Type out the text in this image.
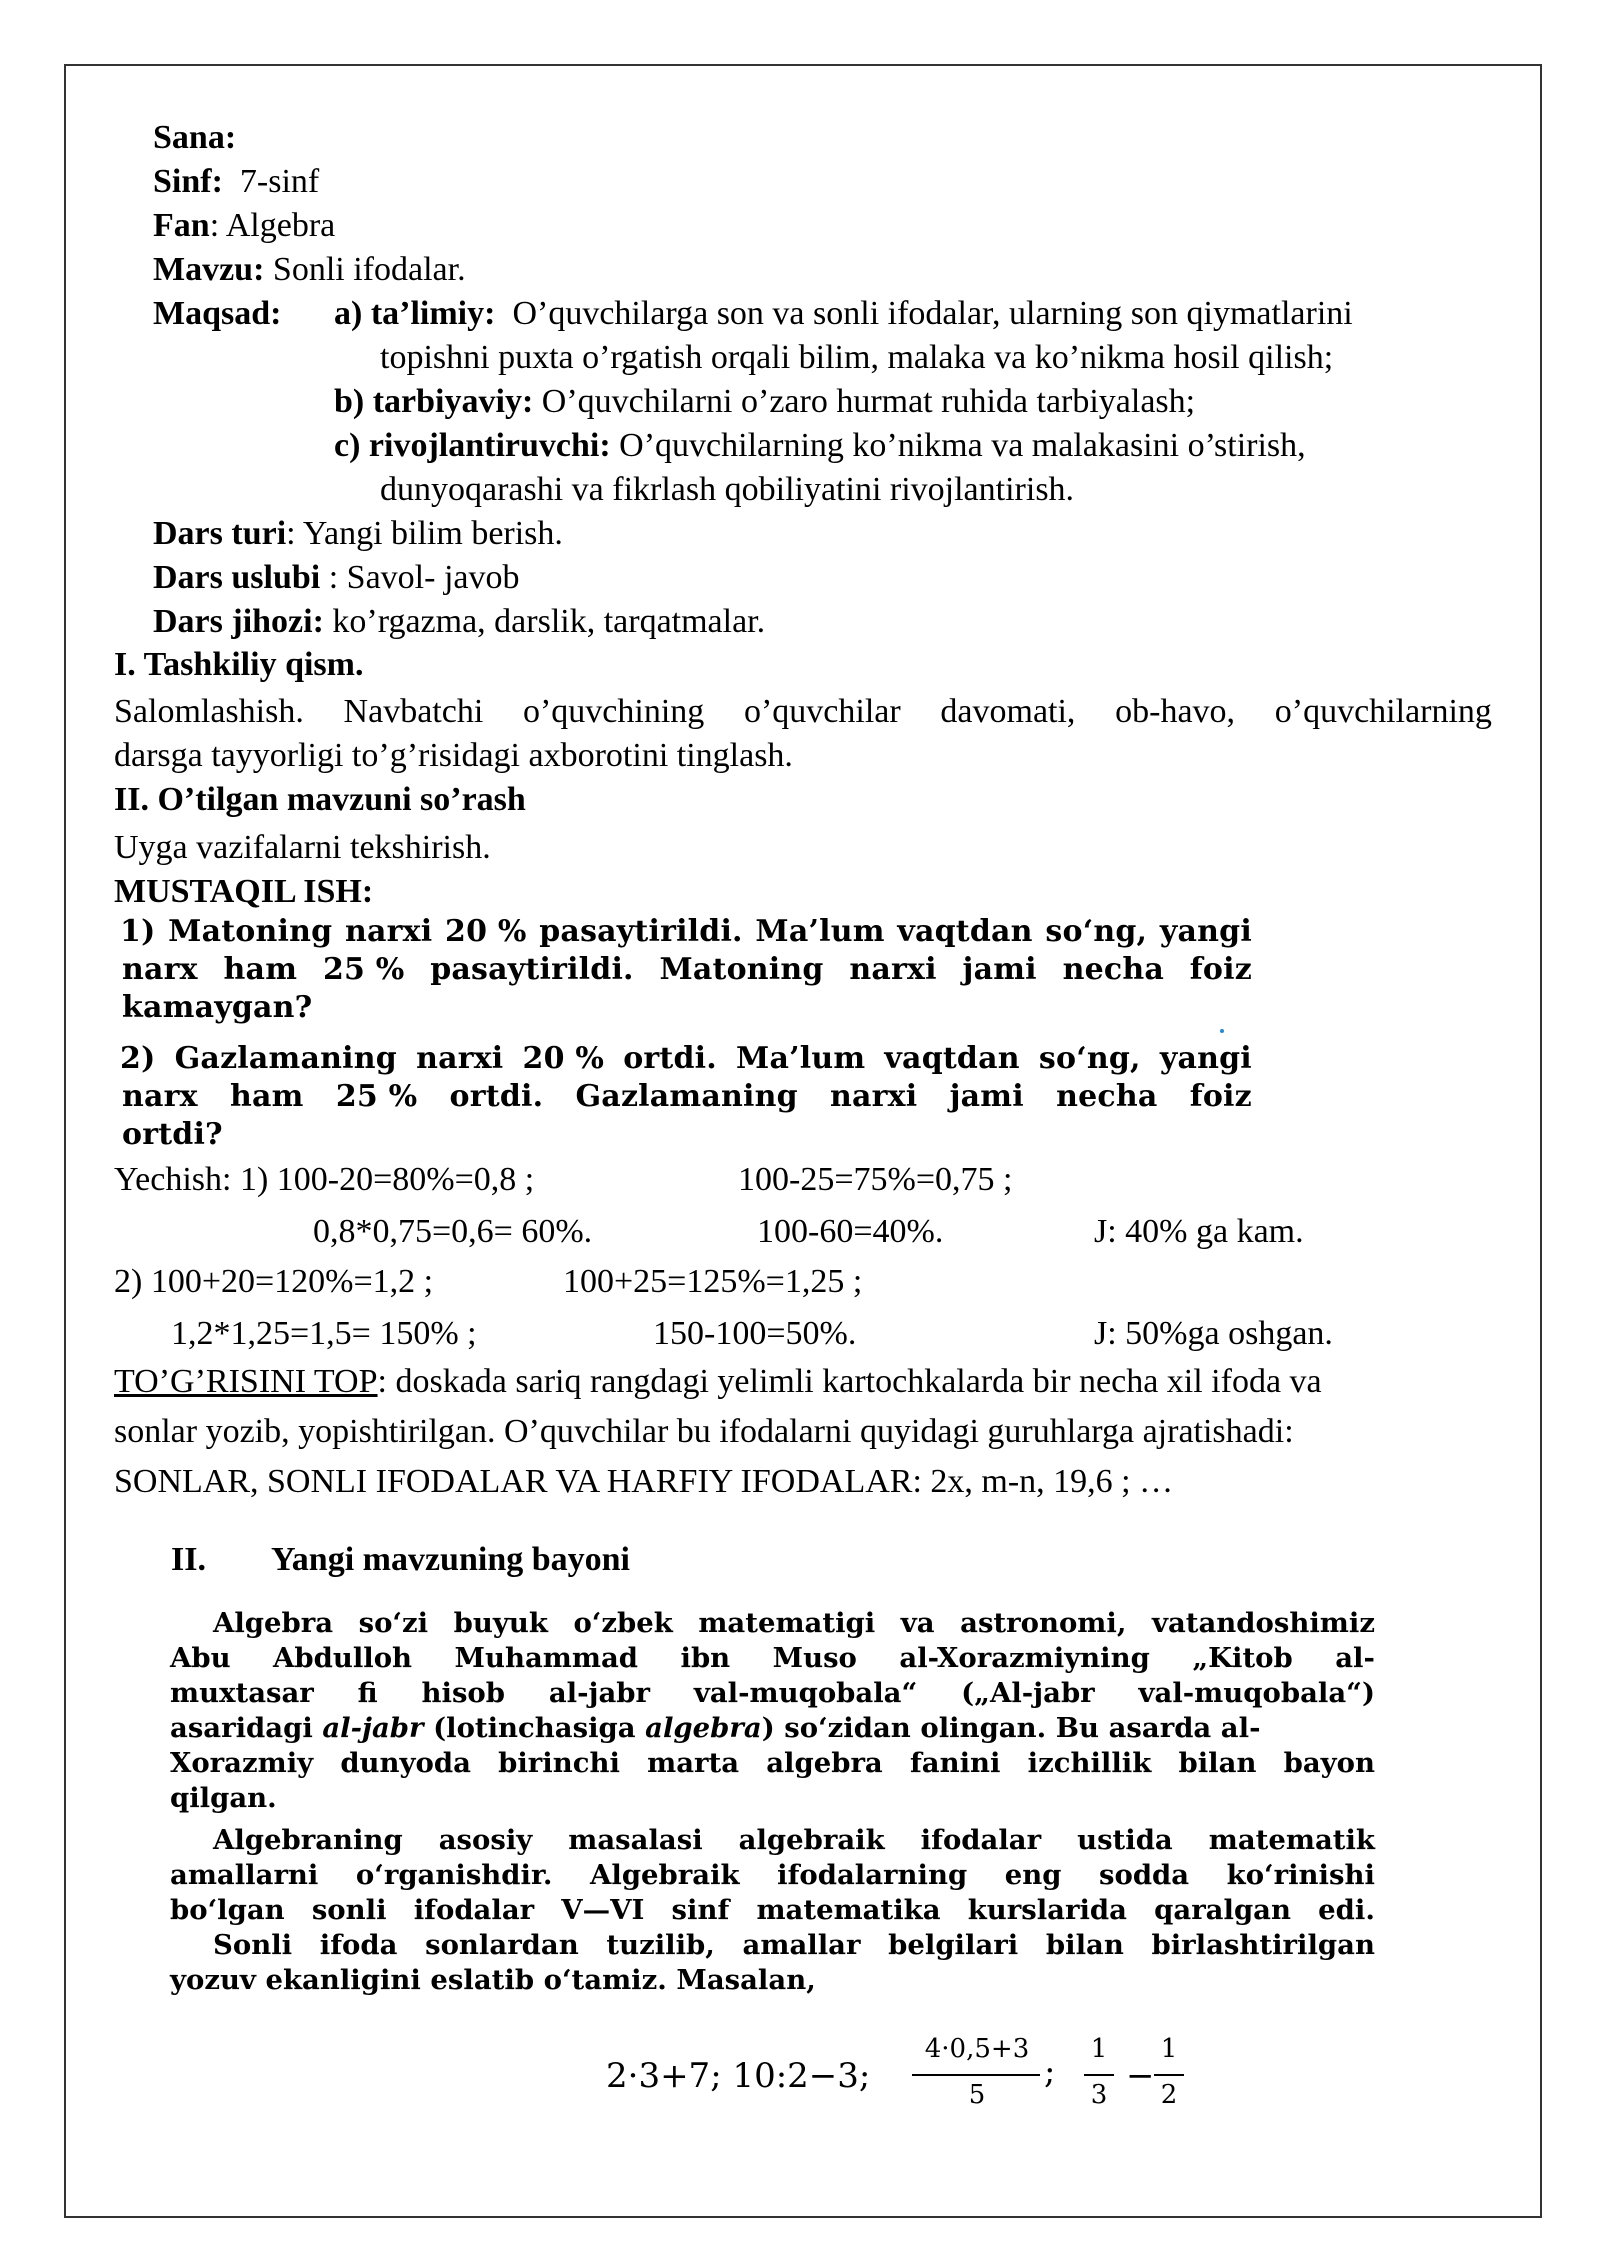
Sana:
Sinf: 7-sinf
Fan: Algebra
Mavzu: Sonli ifodalar.
Maqsad: a) ta’limiy: O’quvchilarga son va sonli ifodalar, ularning son qiymatlarini
topishni puxta o’rgatish orqali bilim, malaka va ko’nikma hosil qilish;
b) tarbiyaviy: O’quvchilarni o’zaro hurmat ruhida tarbiyalash;
c) rivojlantiruvchi: O’quvchilarning ko’nikma va malakasini o’stirish,
dunyoqarashi va fikrlash qobiliyatini rivojlantirish.
Dars turi: Yangi bilim berish.
Dars uslubi : Savol- javob
Dars jihozi: ko’rgazma, darslik, tarqatmalar.
I. Tashkiliy qism.
Salomlashish. Navbatchi o’quvchining o’quvchilar davomati, ob-havo, o’quvchilarning
darsga tayyorligi to’g’risidagi axborotini tinglash.
II. O’tilgan mavzuni so’rash
Uyga vazifalarni tekshirish.
MUSTAQIL ISH:
1) Matoning narxi 20 % pasaytirildi. Ma’lum vaqtdan so‘ng, yangi
narx ham 25 % pasaytirildi. Matoning narxi jami necha foiz
kamaygan?
2) Gazlamaning narxi 20 % ortdi. Ma’lum vaqtdan so‘ng, yangi
narx ham 25 % ortdi. Gazlamaning narxi jami necha foiz
ortdi?
Yechish: 1) 100-20=80%=0,8 ;	100-25=75%=0,75 ;
0,8*0,75=0,6= 60%.	100-60=40%.	J: 40% ga kam.
2) 100+20=120%=1,2 ;	100+25=125%=1,25 ;
1,2*1,25=1,5= 150% ;	150-100=50%.	J: 50%ga oshgan.
TO’G’RISINI TOP: doskada sariq rangdagi yelimli kartochkalarda bir necha xil ifoda va
sonlar yozib, yopishtirilgan. O’quvchilar bu ifodalarni quyidagi guruhlarga ajratishadi:
SONLAR, SONLI IFODALAR VA HARFIY IFODALAR: 2x, m-n, 19,6 ; …
II. Yangi mavzuning bayoni
Algebra so‘zi buyuk o‘zbek matematigi va astronomi, vatandoshimiz
Abu Abdulloh Muhammad ibn Muso al-Xorazmiyning „Kitob al-
muxtasar fi hisob al-jabr val-muqobala“ („Al-jabr val-muqobala“)
asaridagi al-jabr (lotinchasiga algebra) so‘zidan olingan. Bu asarda al-
Xorazmiy dunyoda birinchi marta algebra fanini izchillik bilan bayon
qilgan.
Algebraning asosiy masalasi algebraik ifodalar ustida matematik
amallarni o‘rganishdir. Algebraik ifodalarning eng sodda ko‘rinishi
bo‘lgan sonli ifodalar V—VI sinf matematika kurslarida qaralgan edi.
Sonli ifoda sonlardan tuzilib, amallar belgilari bilan birlashtirilgan
yozuv ekanligini eslatib o‘tamiz. Masalan,
2·3+7; 10:2−3;
4·0,5+3
5
;
1
3 −
1
2
